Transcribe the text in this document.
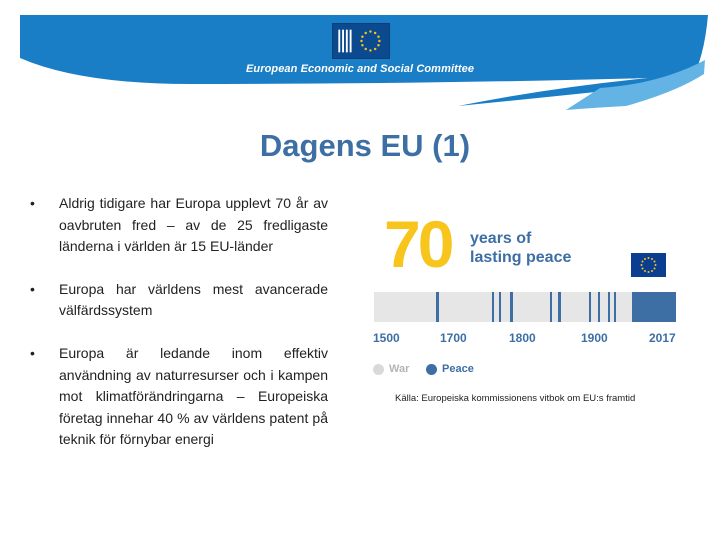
European Economic and Social Committee
Dagens EU (1)
• Aldrig tidigare har Europa upplevt 70 år av oavbruten fred – av de 25 fredligaste länderna i världen är 15 EU-länder
• Europa har världens mest avancerade välfärdssystem
• Europa är ledande inom effektiv användning av naturresurser och i kampen mot klimatförändringarna – Europeiska företag innehar 40 % av världens patent på teknik för förnybar energi
70 years of
lasting peace
1500	1700	1800	1900	2017
War	Peace
Källa: Europeiska kommissionens vitbok om EU:s framtid
